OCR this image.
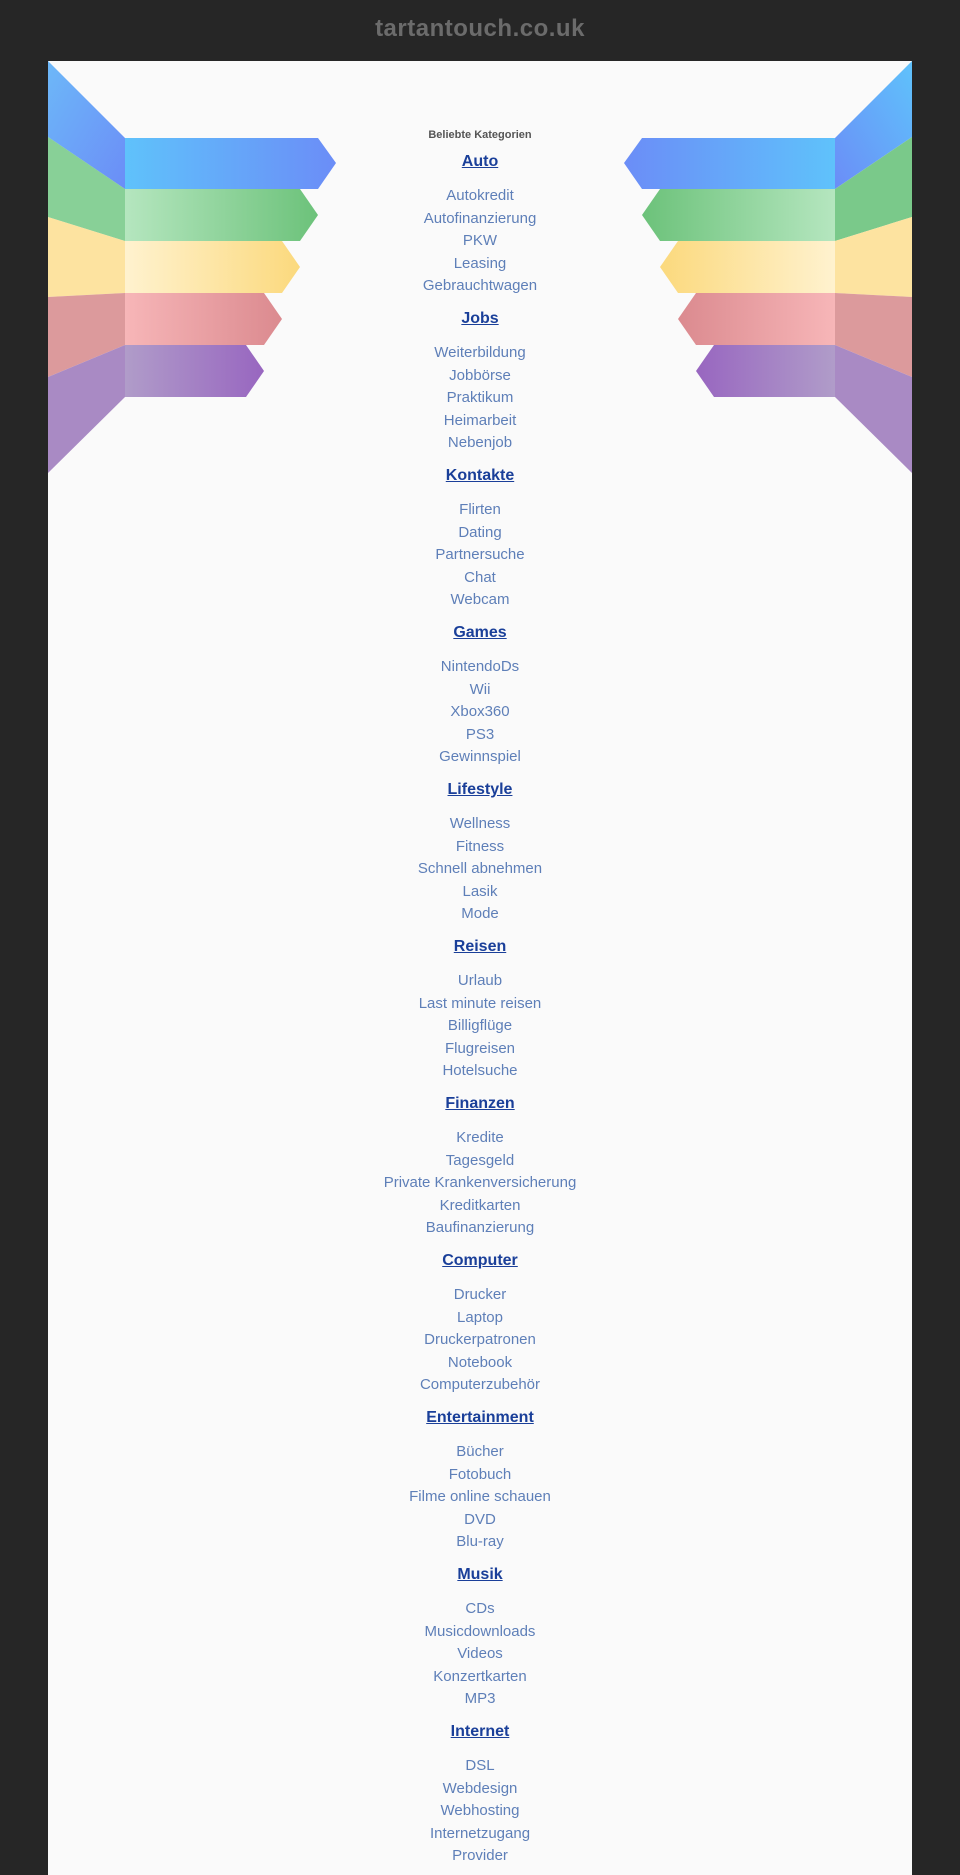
tartantouch.co.uk
Beliebte Kategorien
Auto
Autokredit
Autofinanzierung
PKW
Leasing
Gebrauchtwagen
Jobs
Weiterbildung
Jobbörse
Praktikum
Heimarbeit
Nebenjob
Kontakte
Flirten
Dating
Partnersuche
Chat
Webcam
Games
NintendoDs
Wii
Xbox360
PS3
Gewinnspiel
Lifestyle
Wellness
Fitness
Schnell abnehmen
Lasik
Mode
Reisen
Urlaub
Last minute reisen
Billigflüge
Flugreisen
Hotelsuche
Finanzen
Kredite
Tagesgeld
Private Krankenversicherung
Kreditkarten
Baufinanzierung
Computer
Drucker
Laptop
Druckerpatronen
Notebook
Computerzubehör
Entertainment
Bücher
Fotobuch
Filme online schauen
DVD
Blu-ray
Musik
CDs
Musicdownloads
Videos
Konzertkarten
MP3
Internet
DSL
Webdesign
Webhosting
Internetzugang
Provider
